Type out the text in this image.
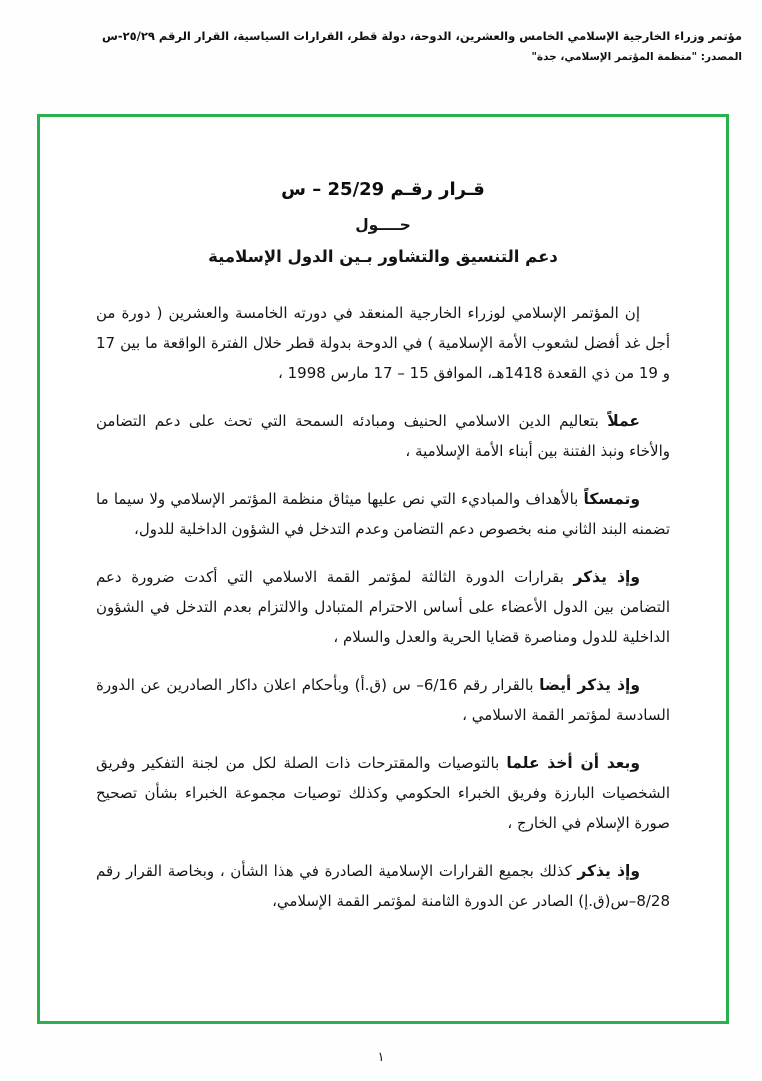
مؤتمر وزراء الخارجية الإسلامي الخامس والعشرين، الدوحة، دولة قطر، القرارات السياسية، القرار الرقم ٢٥/٢٩-س
المصدر: "منظمة المؤتمر الإسلامي، جدة"
قـرار رقـم 25/29 – س
حــــول
دعم التنسيق والتشاور بـين الدول الإسلامية

إن المؤتمر الإسلامي لوزراء الخارجية المنعقد في دورته الخامسة والعشرين ( دورة من أجل غد أفضل لشعوب الأمة الإسلامية ) في الدوحة بدولة قطر خلال الفترة الواقعة ما بين 17 و 19 من ذي القعدة 1418هـ، الموافق 15 – 17 مارس 1998 ،

عملاً بتعاليم الدين الاسلامي الحنيف ومبادئه السمحة التي تحث على دعم التضامن والأخاء ونبذ الفتنة بين أبناء الأمة الإسلامية ،

وتمسكاً بالأهداف والمباديء التي نص عليها ميثاق منظمة المؤتمر الإسلامي ولا سيما ما تضمنه البند الثاني منه بخصوص دعم التضامن وعدم التدخل في الشؤون الداخلية للدول،

وإذ يذكر بقرارات الدورة الثالثة لمؤتمر القمة الاسلامي التي أكدت ضرورة دعم التضامن بين الدول الأعضاء على أساس الاحترام المتبادل والالتزام بعدم التدخل في الشؤون الداخلية للدول ومناصرة قضايا الحرية والعدل والسلام ،

وإذ يذكر أيضا بالقرار رقم 6/16– س (ق.أ) وبأحكام اعلان داكار الصادرين عن الدورة السادسة لمؤتمر القمة الاسلامي ،

وبعد أن أخذ علما بالتوصيات والمقترحات ذات الصلة لكل من لجنة التفكير وفريق الشخصيات البارزة وفريق الخبراء الحكومي وكذلك توصيات مجموعة الخبراء بشأن تصحيح صورة الإسلام في الخارج ،

وإذ يذكر كذلك بجميع القرارات الإسلامية الصادرة في هذا الشأن ، وبخاصة القرار رقم 8/28–س(ق.إ) الصادر عن الدورة الثامنة لمؤتمر القمة الإسلامي،

١
